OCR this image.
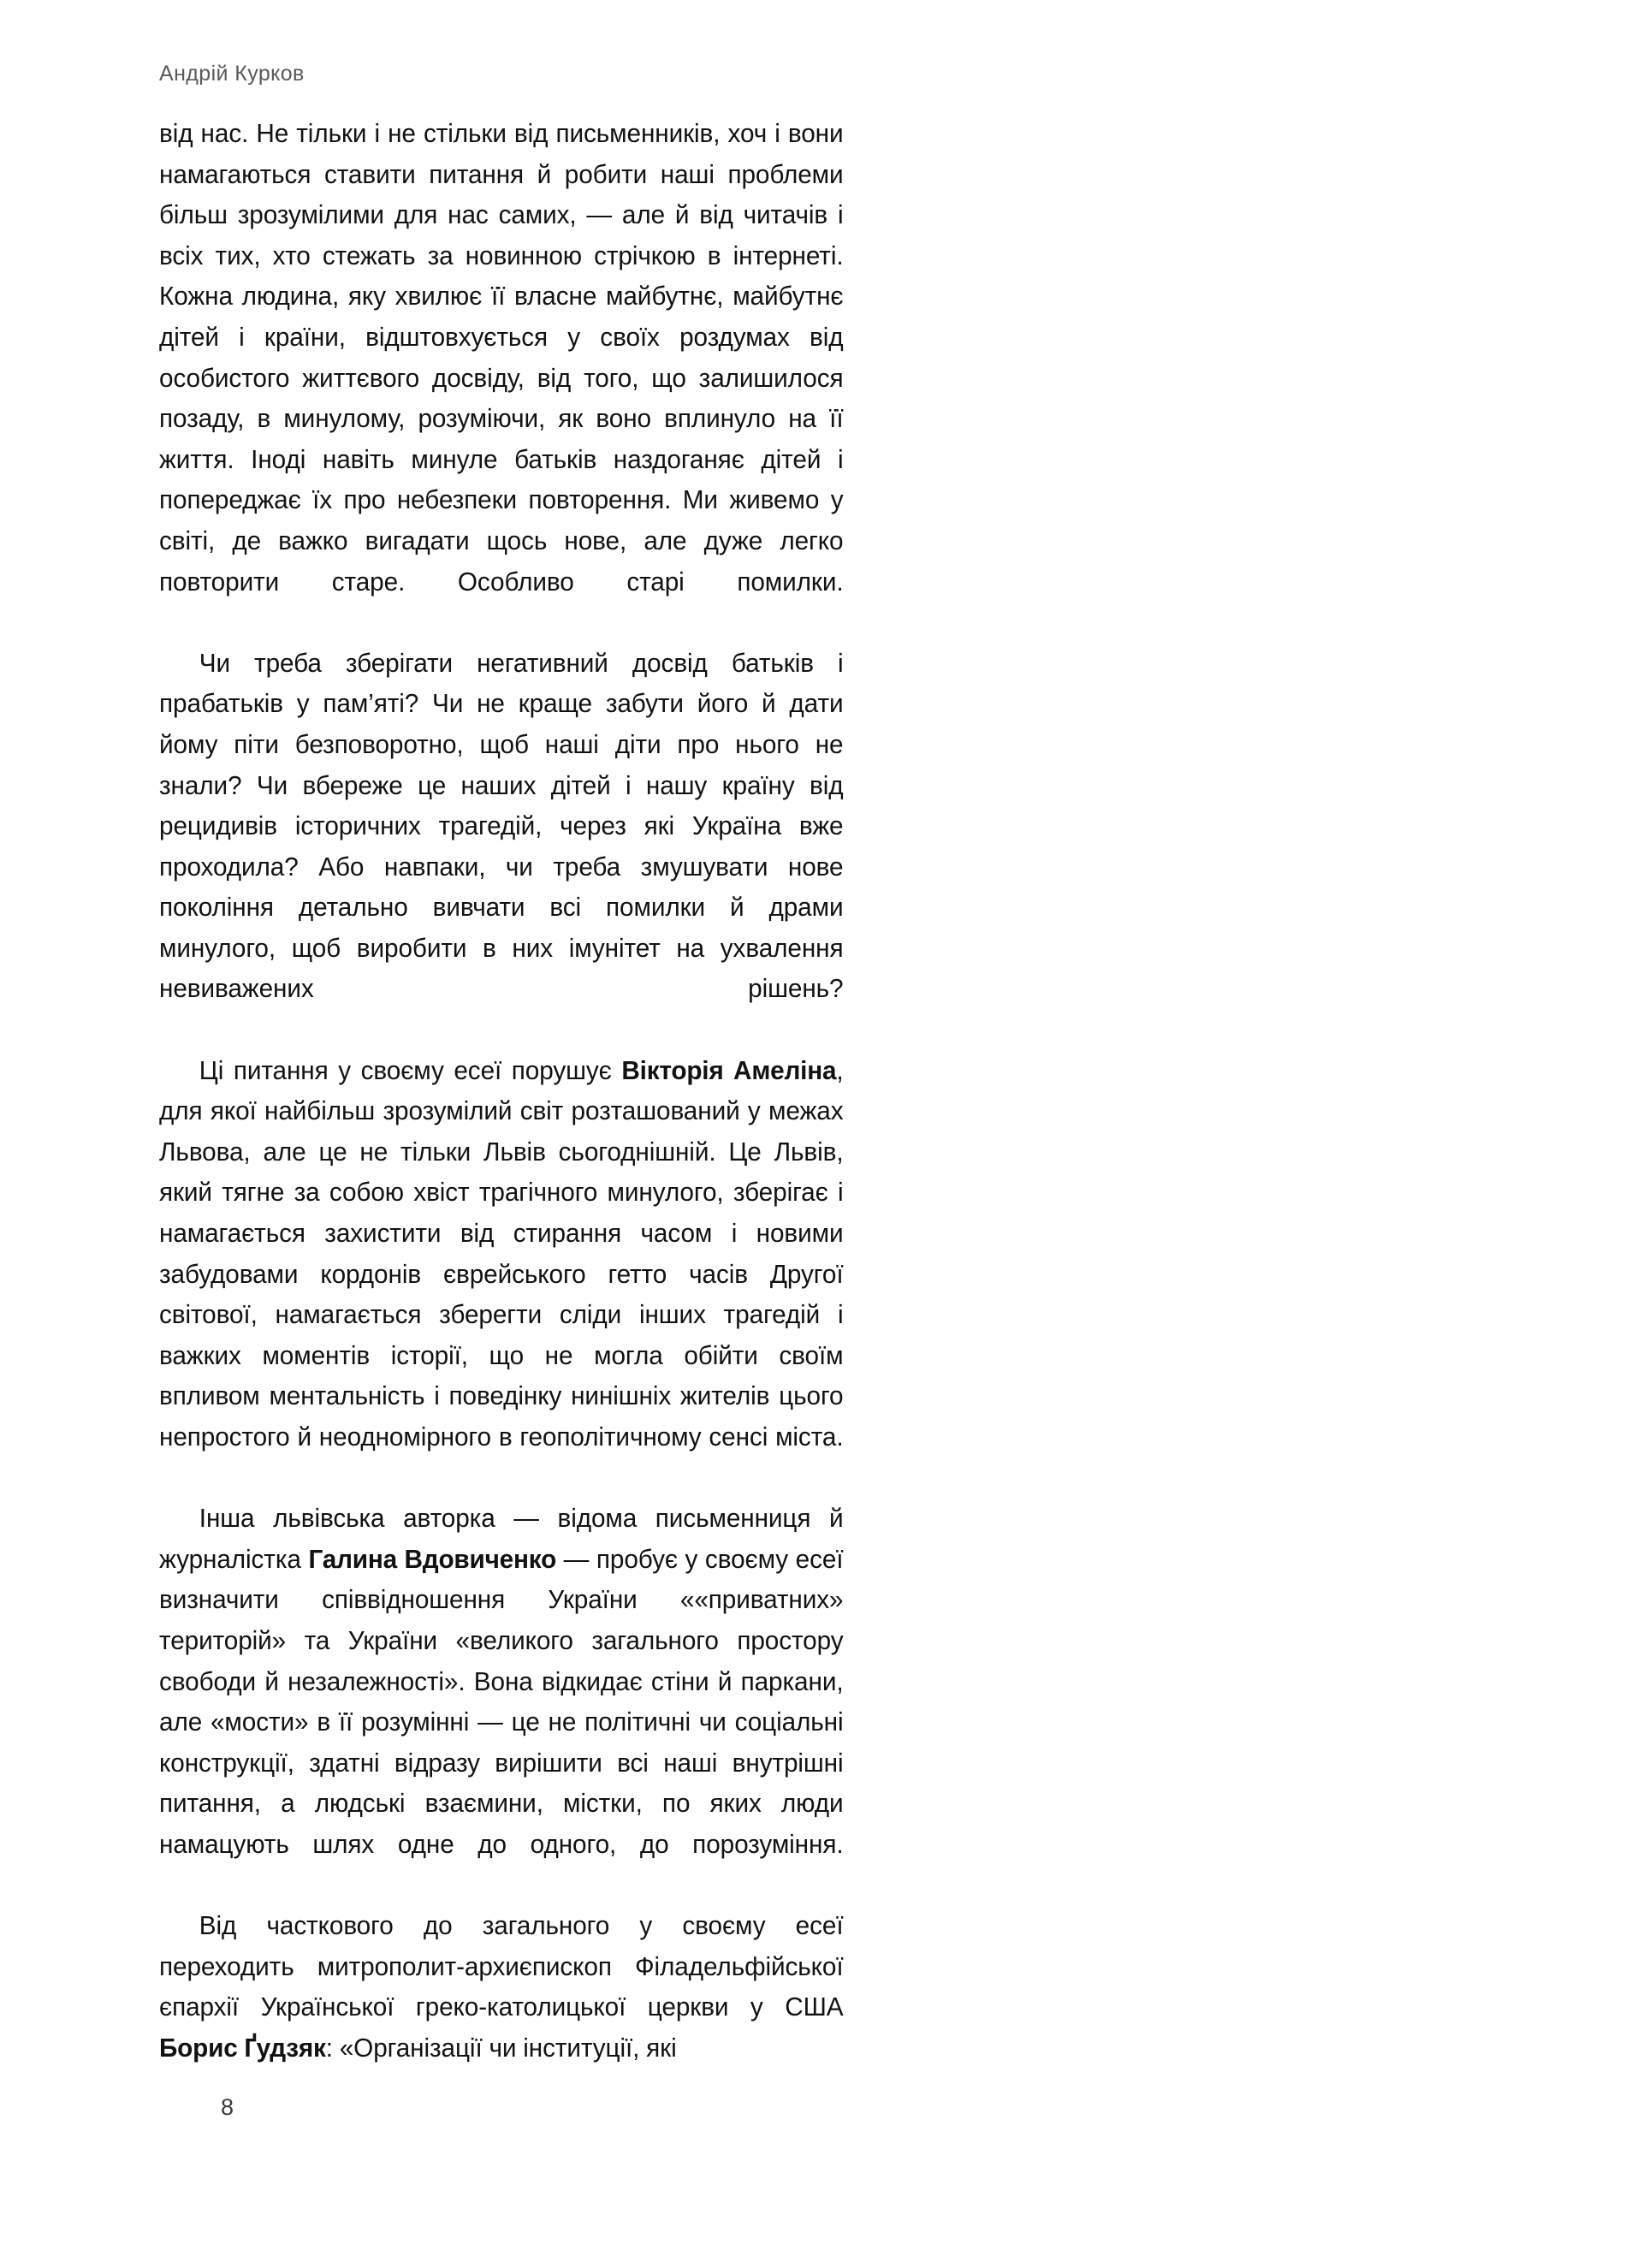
Андрій Курков

від нас. Не тільки і не стільки від письменників, хоч і вони намагаються ставити питання й робити наші проблеми більш зрозумілими для нас самих, — але й від читачів і всіх тих, хто стежать за новинною стрічкою в інтернеті. Кожна людина, яку хвилює її власне майбутнє, майбутнє дітей і країни, відштовхується у своїх роздумах від особистого життєвого досвіду, від того, що залишилося позаду, в минулому, розуміючи, як воно вплинуло на її життя. Іноді навіть минуле батьків наздоганяє дітей і попереджає їх про небезпеки повторення. Ми живемо у світі, де важко вигадати щось нове, але дуже легко повторити старе. Особливо старі помилки.

Чи треба зберігати негативний досвід батьків і прабатьків у пам’яті? Чи не краще забути його й дати йому піти безповоротно, щоб наші діти про нього не знали? Чи вбереже це наших дітей і нашу країну від рецидивів історичних трагедій, через які Україна вже проходила? Або навпаки, чи треба змушувати нове покоління детально вивчати всі помилки й драми минулого, щоб виробити в них імунітет на ухвалення невиважених рішень?

Ці питання у своєму есеї порушує Вікторія Амеліна, для якої найбільш зрозумілий світ розташований у межах Львова, але це не тільки Львів сьогоднішній. Це Львів, який тягне за собою хвіст трагічного минулого, зберігає і намагається захистити від стирання часом і новими забудовами кордонів єврейського гетто часів Другої світової, намагається зберегти сліди інших трагедій і важких моментів історії, що не могла обійти своїм впливом ментальність і поведінку нинішніх жителів цього непростого й неодномірного в геополітичному сенсі міста.

Інша львівська авторка — відома письменниця й журналістка Галина Вдовиченко — пробує у своєму есеї визначити співвідношення України ««приватних» територій» та України «великого загального простору свободи й незалежності». Вона відкидає стіни й паркани, але «мости» в її розумінні — це не політичні чи соціальні конструкції, здатні відразу вирішити всі наші внутрішні питання, а людські взаємини, містки, по яких люди намацують шлях одне до одного, до порозуміння.

Від часткового до загального у своєму есеї переходить митрополит-архиєпископ Філадельфійської єпархії Української греко-католицької церкви у США Борис Ґудзяк: «Організації чи інституції, які

8
